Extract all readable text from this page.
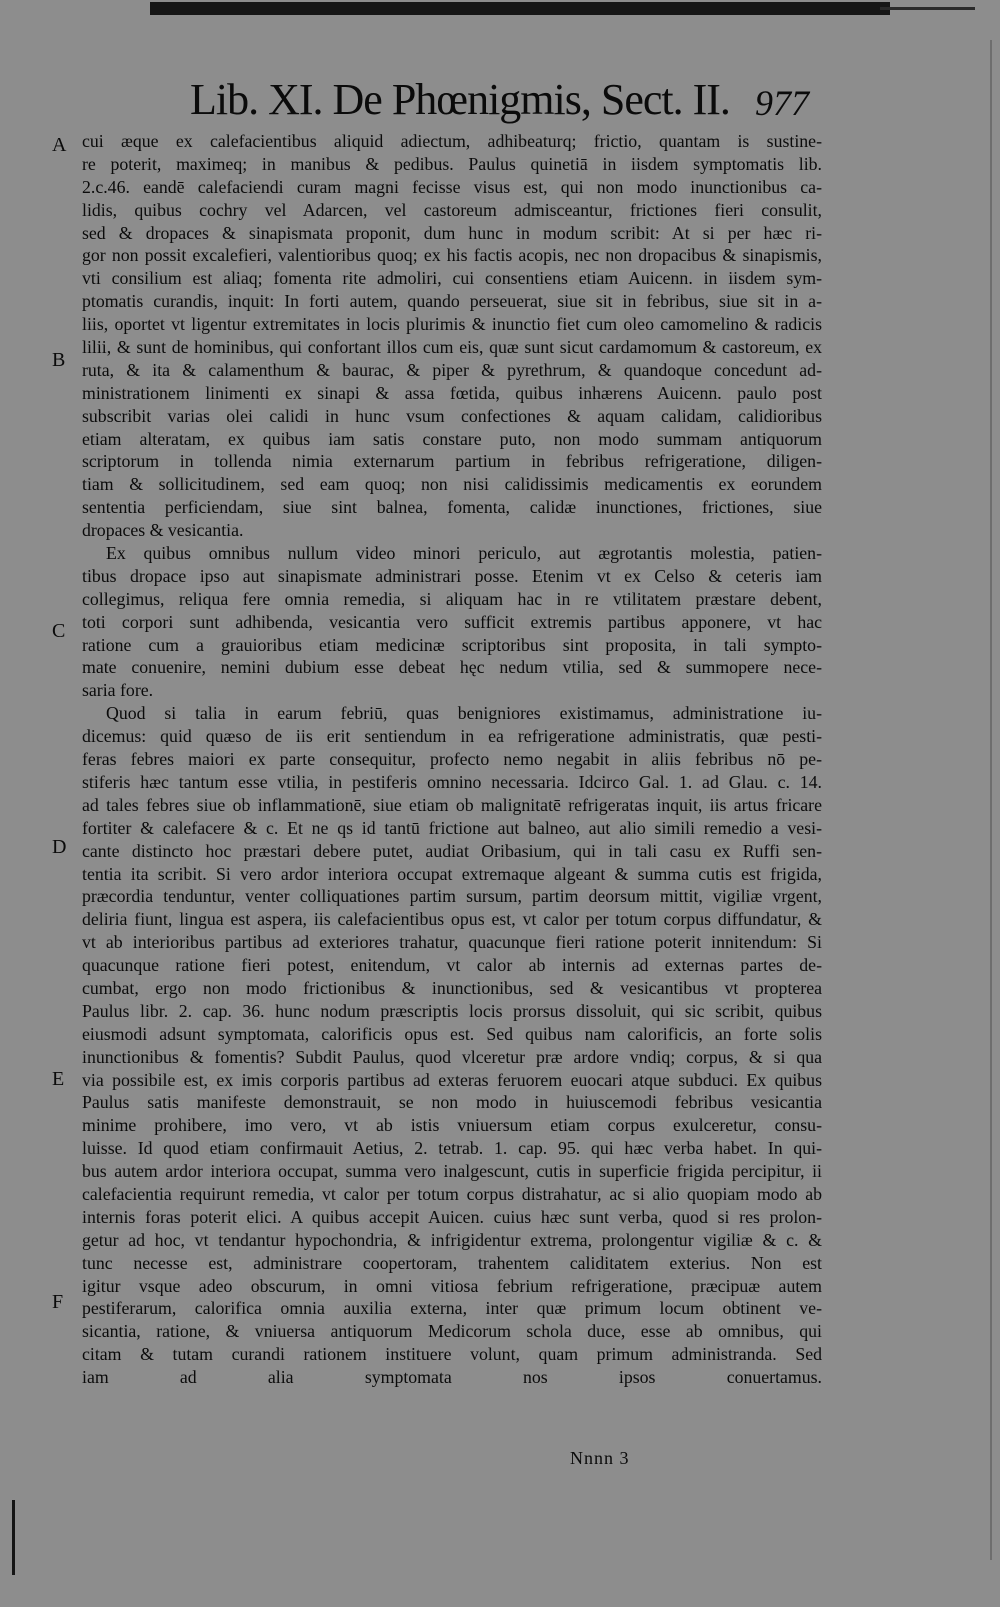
Lib. XI. De Phœnigmis, Sect. II. 977
A
B
C
D
E
F
cui æque ex calefacientibus aliquid adiectum, adhibeaturq; frictio, quantam is sustine-
re poterit, maximeq; in manibus & pedibus. Paulus quinetiā in iisdem symptomatis lib.
2.c.46. eandē calefaciendi curam magni fecisse visus est, qui non modo inunctionibus ca-
lidis, quibus cochry vel Adarcen, vel castoreum admisceantur, frictiones fieri consulit,
sed & dropaces & sinapismata proponit, dum hunc in modum scribit: At si per hæc ri-
gor non possit excalefieri, valentioribus quoq; ex his factis acopis, nec non dropacibus & sinapismis,
vti consilium est aliaq; fomenta rite admoliri, cui consentiens etiam Auicenn. in iisdem sym-
ptomatis curandis, inquit: In forti autem, quando perseuerat, siue sit in febribus, siue sit in a-
liis, oportet vt ligentur extremitates in locis plurimis & inunctio fiet cum oleo camomelino & radicis
lilii, & sunt de hominibus, qui confortant illos cum eis, quæ sunt sicut cardamomum & castoreum, ex
ruta, & ita & calamenthum & baurac, & piper & pyrethrum, & quandoque concedunt ad-
ministrationem linimenti ex sinapi & assa fœtida, quibus inhærens Auicenn. paulo post
subscribit varias olei calidi in hunc vsum confectiones & aquam calidam, calidioribus
etiam alteratam, ex quibus iam satis constare puto, non modo summam antiquorum
scriptorum in tollenda nimia externarum partium in febribus refrigeratione, diligen-
tiam & sollicitudinem, sed eam quoq; non nisi calidissimis medicamentis ex eorundem
sententia perficiendam, siue sint balnea, fomenta, calidæ inunctiones, frictiones, siue
dropaces & vesicantia.
Ex quibus omnibus nullum video minori periculo, aut ægrotantis molestia, patien-
tibus dropace ipso aut sinapismate administrari posse. Etenim vt ex Celso & ceteris iam
collegimus, reliqua fere omnia remedia, si aliquam hac in re vtilitatem præstare debent,
toti corpori sunt adhibenda, vesicantia vero sufficit extremis partibus apponere, vt hac
ratione cum a grauioribus etiam medicinæ scriptoribus sint proposita, in tali sympto-
mate conuenire, nemini dubium esse debeat hęc nedum vtilia, sed & summopere nece-
saria fore.
Quod si talia in earum febriū, quas benigniores existimamus, administratione iu-
dicemus: quid quæso de iis erit sentiendum in ea refrigeratione administratis, quæ pesti-
feras febres maiori ex parte consequitur, profecto nemo negabit in aliis febribus nō pe-
stiferis hæc tantum esse vtilia, in pestiferis omnino necessaria. Idcirco Gal. 1. ad Glau. c. 14.
ad tales febres siue ob inflammationē, siue etiam ob malignitatē refrigeratas inquit, iis artus fricare
fortiter & calefacere & c. Et ne qs id tantū frictione aut balneo, aut alio simili remedio a vesi-
cante distincto hoc præstari debere putet, audiat Oribasium, qui in tali casu ex Ruffi sen-
tentia ita scribit. Si vero ardor interiora occupat extremaque algeant & summa cutis est frigida,
præcordia tenduntur, venter colliquationes partim sursum, partim deorsum mittit, vigiliæ vrgent,
deliria fiunt, lingua est aspera, iis calefacientibus opus est, vt calor per totum corpus diffundatur, &
vt ab interioribus partibus ad exteriores trahatur, quacunque fieri ratione poterit innitendum: Si
quacunque ratione fieri potest, enitendum, vt calor ab internis ad externas partes de-
cumbat, ergo non modo frictionibus & inunctionibus, sed & vesicantibus vt propterea
Paulus libr. 2. cap. 36. hunc nodum præscriptis locis prorsus dissoluit, qui sic scribit, quibus
eiusmodi adsunt symptomata, calorificis opus est. Sed quibus nam calorificis, an forte solis
inunctionibus & fomentis? Subdit Paulus, quod vlceretur præ ardore vndiq; corpus, & si qua
via possibile est, ex imis corporis partibus ad exteras feruorem euocari atque subduci. Ex quibus
Paulus satis manifeste demonstrauit, se non modo in huiuscemodi febribus vesicantia
minime prohibere, imo vero, vt ab istis vniuersum etiam corpus exulceretur, consu-
luisse. Id quod etiam confirmauit Aetius, 2. tetrab. 1. cap. 95. qui hæc verba habet. In qui-
bus autem ardor interiora occupat, summa vero inalgescunt, cutis in superficie frigida percipitur, ii
calefacientia requirunt remedia, vt calor per totum corpus distrahatur, ac si alio quopiam modo ab
internis foras poterit elici. A quibus accepit Auicen. cuius hæc sunt verba, quod si res prolon-
getur ad hoc, vt tendantur hypochondria, & infrigidentur extrema, prolongentur vigiliæ & c. &
tunc necesse est, administrare coopertoram, trahentem caliditatem exterius. Non est
igitur vsque adeo obscurum, in omni vitiosa febrium refrigeratione, præcipuæ autem
pestiferarum, calorifica omnia auxilia externa, inter quæ primum locum obtinent ve-
sicantia, ratione, & vniuersa antiquorum Medicorum schola duce, esse ab omnibus, qui
citam & tutam curandi rationem instituere volunt, quam primum administranda. Sed
iam ad alia symptomata nos ipsos conuertamus.
Nnnn 3
